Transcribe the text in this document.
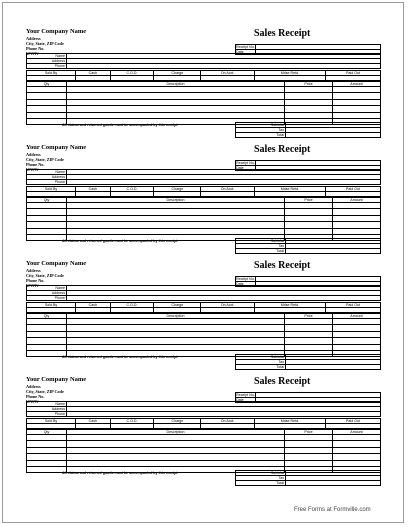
Your Company Name
Address
City, State, ZIP Code
Phone No.
WWW
Sales Receipt
Receipt No.	
Date	
Name	
Address	
Phone	
Sold By	Cash	C.O.D.	Charge	On Acct.	Mdse Retd.	Paid Out

Qty	Description	Price	Amount

All claims and returned goods must be accompanied by this receipt	Subtotal	
Tax	
Total	
Your Company Name
Address
City, State, ZIP Code
Phone No.
WWW
Sales Receipt
Receipt No.	
Date	
Name	
Address	
Phone	
Sold By	Cash	C.O.D.	Charge	On Acct.	Mdse Retd.	Paid Out

Qty	Description	Price	Amount

All claims and returned goods must be accompanied by this receipt	Subtotal	
Tax	
Total	
Your Company Name
Address
City, State, ZIP Code
Phone No.
WWW
Sales Receipt
Receipt No.	
Date	
Name	
Address	
Phone	
Sold By	Cash	C.O.D.	Charge	On Acct.	Mdse Retd.	Paid Out

Qty	Description	Price	Amount

All claims and returned goods must be accompanied by this receipt	Subtotal	
Tax	
Total	
Your Company Name
Address
City, State, ZIP Code
Phone No.
WWW
Sales Receipt
Receipt No.	
Date	
Name	
Address	
Phone	
Sold By	Cash	C.O.D.	Charge	On Acct.	Mdse Retd.	Paid Out

Qty	Description	Price	Amount

All claims and returned goods must be accompanied by this receipt	Subtotal	
Tax	
Total	
Free Forms at Formville.com
